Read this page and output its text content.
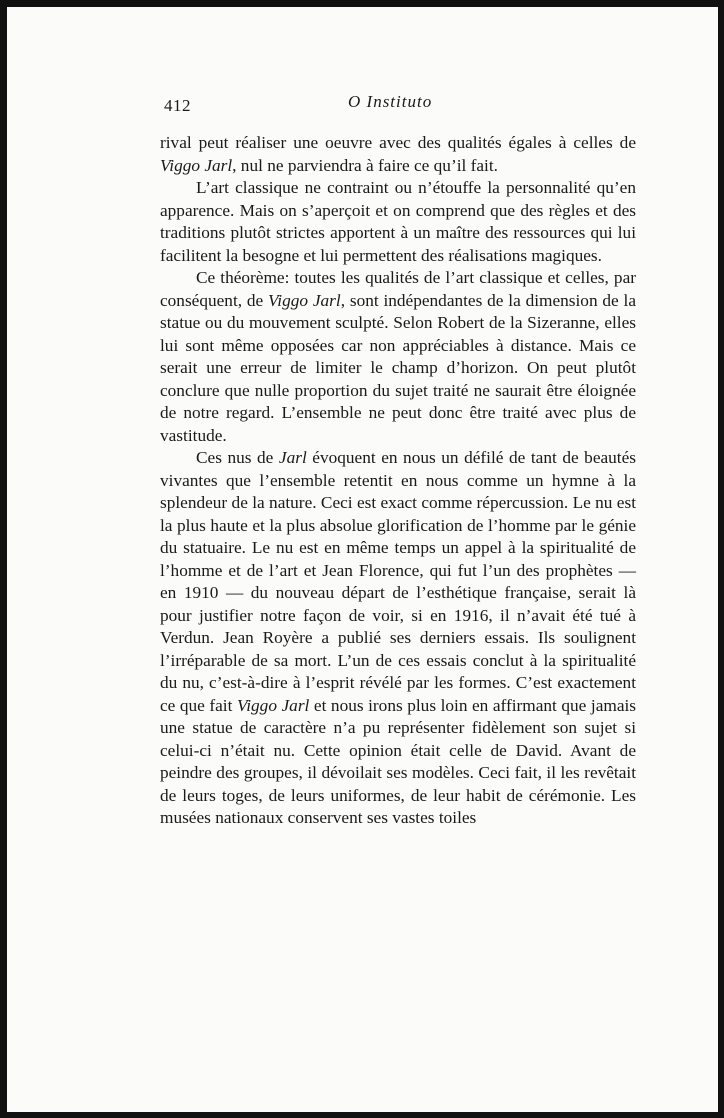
412	O Instituto

rival peut réaliser une oeuvre avec des qualités égales à celles de Viggo Jarl, nul ne parviendra à faire ce qu’il fait.

L’art classique ne contraint ou n’étouffe la personnalité qu’en apparence. Mais on s’aperçoit et on comprend que des règles et des traditions plutôt strictes apportent à un maître des ressources qui lui facilitent la besogne et lui permettent des réalisations magiques.

Ce théorème: toutes les qualités de l’art classique et celles, par conséquent, de Viggo Jarl, sont indépendantes de la dimension de la statue ou du mouvement sculpté. Selon Robert de la Sizeranne, elles lui sont même opposées car non appréciables à distance. Mais ce serait une erreur de limiter le champ d’horizon. On peut plutôt conclure que nulle proportion du sujet traité ne saurait être éloignée de notre regard. L’ensemble ne peut donc être traité avec plus de vastitude.

Ces nus de Jarl évoquent en nous un défilé de tant de beautés vivantes que l’ensemble retentit en nous comme un hymne à la splendeur de la nature. Ceci est exact comme répercussion. Le nu est la plus haute et la plus absolue glorification de l’homme par le génie du statuaire. Le nu est en même temps un appel à la spiritualité de l’homme et de l’art et Jean Florence, qui fut l’un des prophètes — en 1910 — du nouveau départ de l’esthétique française, serait là pour justifier notre façon de voir, si en 1916, il n’avait été tué à Verdun. Jean Royère a publié ses derniers essais. Ils soulignent l’irréparable de sa mort. L’un de ces essais conclut à la spiritualité du nu, c’est-à-dire à l’esprit révélé par les formes. C’est exactement ce que fait Viggo Jarl et nous irons plus loin en affirmant que jamais une statue de caractère n’a pu représenter fidèlement son sujet si celui-ci n’était nu. Cette opinion était celle de David. Avant de peindre des groupes, il dévoilait ses modèles. Ceci fait, il les revêtait de leurs toges, de leurs uniformes, de leur habit de cérémonie. Les musées nationaux conservent ses vastes toiles
